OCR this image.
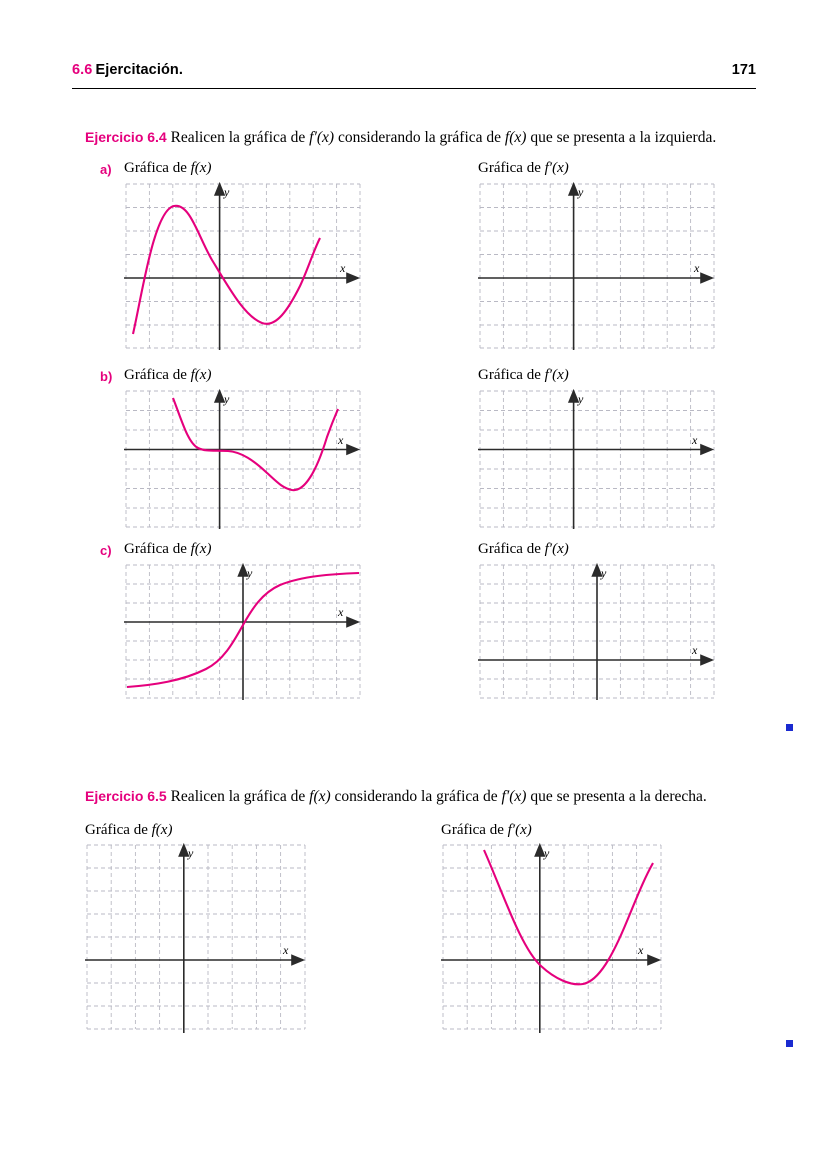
6.6 Ejercitación.	171
Ejercicio 6.4 Realicen la gráfica de f′(x) considerando la gráfica de f(x) que se presenta a la izquierda.
a) Gráfica de f(x)	Gráfica de f′(x)
y
x
y
x
b) Gráfica de f(x)	Gráfica de f′(x)
y
x
y
x
c) Gráfica de f(x)	Gráfica de f′(x)
y
x
y
x
Ejercicio 6.5 Realicen la gráfica de f(x) considerando la gráfica de f′(x) que se presenta a la derecha.
Gráfica de f(x)	Gráfica de f′(x)
y
x
y
x
